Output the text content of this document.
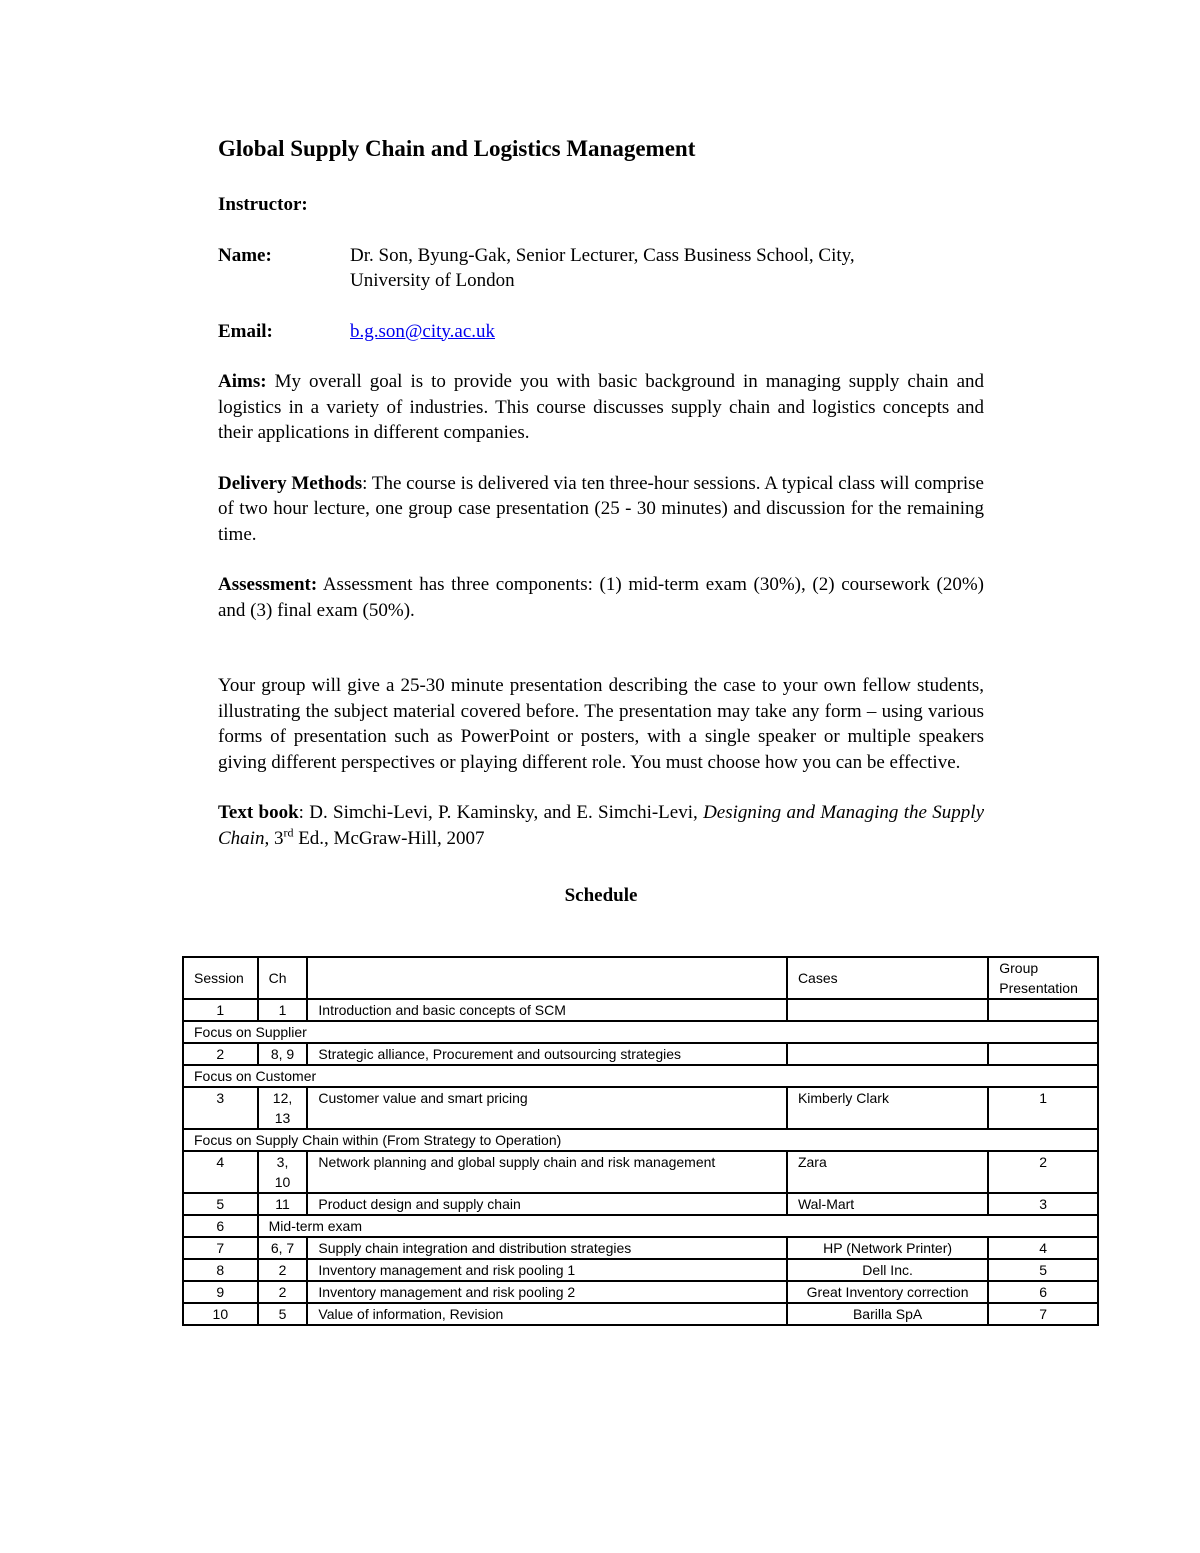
Global Supply Chain and Logistics Management
Instructor:
Name:	Dr. Son, Byung-Gak, Senior Lecturer, Cass Business School, City,
University of London
Email:	b.g.son@city.ac.uk

Aims: My overall goal is to provide you with basic background in managing supply chain and logistics in a variety of industries. This course discusses supply chain and logistics concepts and their applications in different companies.

Delivery Methods: The course is delivered via ten three-hour sessions. A typical class will comprise of two hour lecture, one group case presentation (25 - 30 minutes) and discussion for the remaining time.

Assessment: Assessment has three components: (1) mid-term exam (30%), (2) coursework (20%) and (3) final exam (50%).

Your group will give a 25-30 minute presentation describing the case to your own fellow students, illustrating the subject material covered before. The presentation may take any form – using various forms of presentation such as PowerPoint or posters, with a single speaker or multiple speakers giving different perspectives or playing different role. You must choose how you can be effective.

Text book: D. Simchi-Levi, P. Kaminsky, and E. Simchi-Levi, Designing and Managing the Supply Chain, 3rd Ed., McGraw-Hill, 2007

Schedule
Session	Ch		Cases	Group Presentation
1	1	Introduction and basic concepts of SCM		
Focus on Supplier				
2	8, 9	Strategic alliance, Procurement and outsourcing strategies		
Focus on Customer				
3	12, 13	Customer value and smart pricing	Kimberly Clark	1
Focus on Supply Chain within (From Strategy to Operation)				
4	3, 10	Network planning and global supply chain and risk management	Zara	2
5	11	Product design and supply chain	Wal-Mart	3
6	Mid-term exam			
7	6, 7	Supply chain integration and distribution strategies	HP (Network Printer)	4
8	2	Inventory management and risk pooling 1	Dell Inc.	5
9	2	Inventory management and risk pooling 2	Great Inventory correction	6
10	5	Value of information, Revision	Barilla SpA	7
